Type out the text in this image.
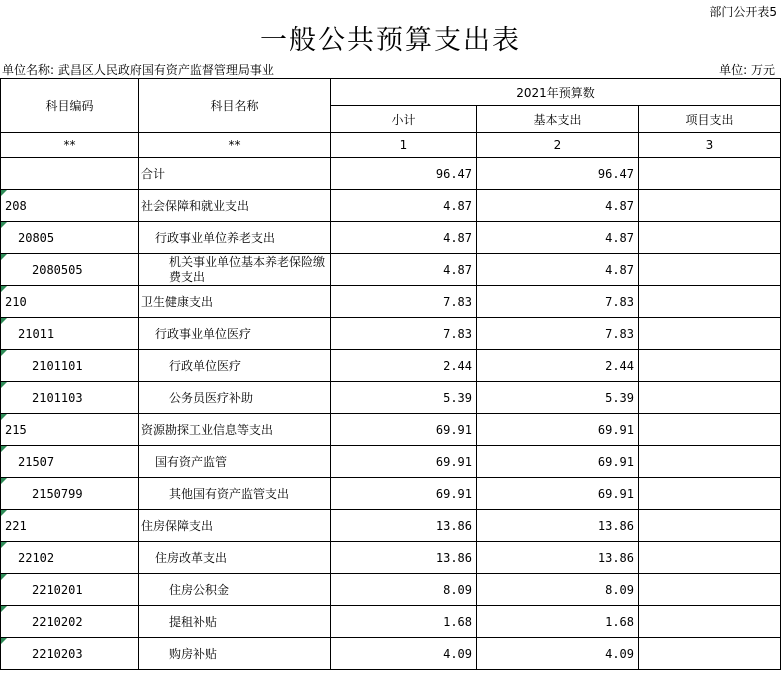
部门公开表5
一般公共预算支出表
单位名称: 武昌区人民政府国有资产监督管理局事业	单位: 万元
科目编码	科目名称	2021年预算数		
		小计	基本支出	项目支出
**	**	1	2	3
	合计	96.47	96.47	

208	社会保障和就业支出	4.87	4.87	

20805	行政事业单位养老支出	4.87	4.87	

2080505	机关事业单位基本养老保险缴费支出	4.87	4.87	

210	卫生健康支出	7.83	7.83	

21011	行政事业单位医疗	7.83	7.83	

2101101	行政单位医疗	2.44	2.44	

2101103	公务员医疗补助	5.39	5.39	

215	资源勘探工业信息等支出	69.91	69.91	

21507	国有资产监管	69.91	69.91	

2150799	其他国有资产监管支出	69.91	69.91	

221	住房保障支出	13.86	13.86	

22102	住房改革支出	13.86	13.86	

2210201	住房公积金	8.09	8.09	

2210202	提租补贴	1.68	1.68	

2210203	购房补贴	4.09	4.09	
